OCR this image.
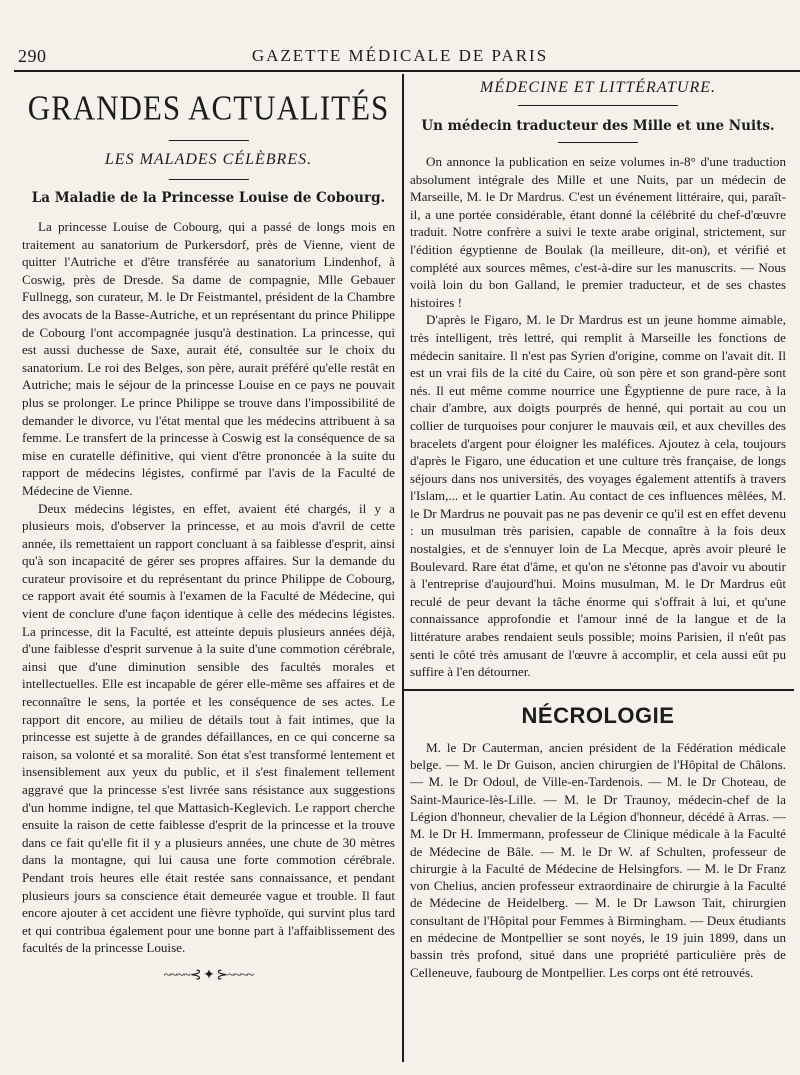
290	GAZETTE MÉDICALE DE PARIS
GRANDES ACTUALITÉS
LES MALADES CÉLÈBRES.
La Maladie de la Princesse Louise de Cobourg.

La princesse Louise de Cobourg, qui a passé de longs mois en traitement au sanatorium de Purkersdorf, près de Vienne, vient de quitter l'Autriche et d'être transférée au sanatorium Lindenhof, à Coswig, près de Dresde. Sa dame de compagnie, Mlle Gebauer Fullnegg, son curateur, M. le Dr Feistmantel, président de la Chambre des avocats de la Basse-Autriche, et un représentant du prince Philippe de Cobourg l'ont accompagnée jusqu'à destination. La princesse, qui est aussi duchesse de Saxe, aurait été, consultée sur le choix du sanatorium. Le roi des Belges, son père, aurait préféré qu'elle restât en Autriche; mais le séjour de la princesse Louise en ce pays ne pouvait plus se prolonger. Le prince Philippe se trouve dans l'impossibilité de demander le divorce, vu l'état mental que les médecins attribuent à sa femme. Le transfert de la princesse à Coswig est la conséquence de sa mise en curatelle définitive, qui vient d'être prononcée à la suite du rapport de médecins légistes, confirmé par l'avis de la Faculté de Médecine de Vienne.

Deux médecins légistes, en effet, avaient été chargés, il y a plusieurs mois, d'observer la princesse, et au mois d'avril de cette année, ils remettaient un rapport concluant à sa faiblesse d'esprit, ainsi qu'à son incapacité de gérer ses propres affaires. Sur la demande du curateur provisoire et du représentant du prince Philippe de Cobourg, ce rapport avait été soumis à l'examen de la Faculté de Médecine, qui vient de conclure d'une façon identique à celle des médecins légistes. La princesse, dit la Faculté, est atteinte depuis plusieurs années déjà, d'une faiblesse d'esprit survenue à la suite d'une commotion cérébrale, ainsi que d'une diminution sensible des facultés morales et intellectuelles. Elle est incapable de gérer elle-même ses affaires et de reconnaître le sens, la portée et les conséquence de ses actes. Le rapport dit encore, au milieu de détails tout à fait intimes, que la princesse est sujette à de grandes défaillances, en ce qui concerne sa raison, sa volonté et sa moralité. Son état s'est transformé lentement et insensiblement aux yeux du public, et il s'est finalement tellement aggravé que la princesse s'est livrée sans résistance aux suggestions d'un homme indigne, tel que Mattasich-Keglevich. Le rapport cherche ensuite la raison de cette faiblesse d'esprit de la princesse et la trouve dans ce fait qu'elle fit il y a plusieurs années, une chute de 30 mètres dans la montagne, qui lui causa une forte commotion cérébrale. Pendant trois heures elle était restée sans connaissance, et pendant plusieurs jours sa conscience était demeurée vague et trouble. Il faut encore ajouter à cet accident une fièvre typhoïde, qui survint plus tard et qui contribua également pour une bonne part à l'affaiblissement des facultés de la princesse Louise.

~~~~⊰ ✦ ⊱~~~~
MÉDECINE ET LITTÉRATURE.
Un médecin traducteur des Mille et une Nuits.

On annonce la publication en seize volumes in-8° d'une traduction absolument intégrale des Mille et une Nuits, par un médecin de Marseille, M. le Dr Mardrus. C'est un événement littéraire, qui, paraît-il, a une portée considérable, étant donné la célébrité du chef-d'œuvre traduit. Notre confrère a suivi le texte arabe original, strictement, sur l'édition égyptienne de Boulak (la meilleure, dit-on), et vérifié et complété aux sources mêmes, c'est-à-dire sur les manuscrits. — Nous voilà loin du bon Galland, le premier traducteur, et de ses chastes histoires !

D'après le Figaro, M. le Dr Mardrus est un jeune homme aimable, très intelligent, très lettré, qui remplit à Marseille les fonctions de médecin sanitaire. Il n'est pas Syrien d'origine, comme on l'avait dit. Il est un vrai fils de la cité du Caire, où son père et son grand-père sont nés. Il eut même comme nourrice une Égyptienne de pure race, à la chair d'ambre, aux doigts pourprés de henné, qui portait au cou un collier de turquoises pour conjurer le mauvais œil, et aux chevilles des bracelets d'argent pour éloigner les maléfices. Ajoutez à cela, toujours d'après le Figaro, une éducation et une culture très française, de longs séjours dans nos universités, des voyages également attentifs à travers l'Islam,... et le quartier Latin. Au contact de ces influences mêlées, M. le Dr Mardrus ne pouvait pas ne pas devenir ce qu'il est en effet devenu : un musulman très parisien, capable de connaître à la fois deux nostalgies, et de s'ennuyer loin de La Mecque, après avoir pleuré le Boulevard. Rare état d'âme, et qu'on ne s'étonne pas d'avoir vu aboutir à l'entreprise d'aujourd'hui. Moins musulman, M. le Dr Mardrus eût reculé de peur devant la tâche énorme qui s'offrait à lui, et qu'une connaissance approfondie et l'amour inné de la langue et de la littérature arabes rendaient seuls possible; moins Parisien, il n'eût pas senti le côté très amusant de l'œuvre à accomplir, et cela aussi eût pu suffire à l'en détourner.

NÉCROLOGIE

M. le Dr Cauterman, ancien président de la Fédération médicale belge. — M. le Dr Guison, ancien chirurgien de l'Hôpital de Châlons. — M. le Dr Odoul, de Ville-en-Tardenois. — M. le Dr Choteau, de Saint-Maurice-lès-Lille. — M. le Dr Traunoy, médecin-chef de la Légion d'honneur, chevalier de la Légion d'honneur, décédé à Arras. — M. le Dr H. Immermann, professeur de Clinique médicale à la Faculté de Médecine de Bâle. — M. le Dr W. af Schulten, professeur de chirurgie à la Faculté de Médecine de Helsingfors. — M. le Dr Franz von Chelius, ancien professeur extraordinaire de chirurgie à la Faculté de Médecine de Heidelberg. — M. le Dr Lawson Tait, chirurgien consultant de l'Hôpital pour Femmes à Birmingham. — Deux étudiants en médecine de Montpellier se sont noyés, le 19 juin 1899, dans un bassin très profond, situé dans une propriété particulière près de Celleneuve, faubourg de Montpellier. Les corps ont été retrouvés.
